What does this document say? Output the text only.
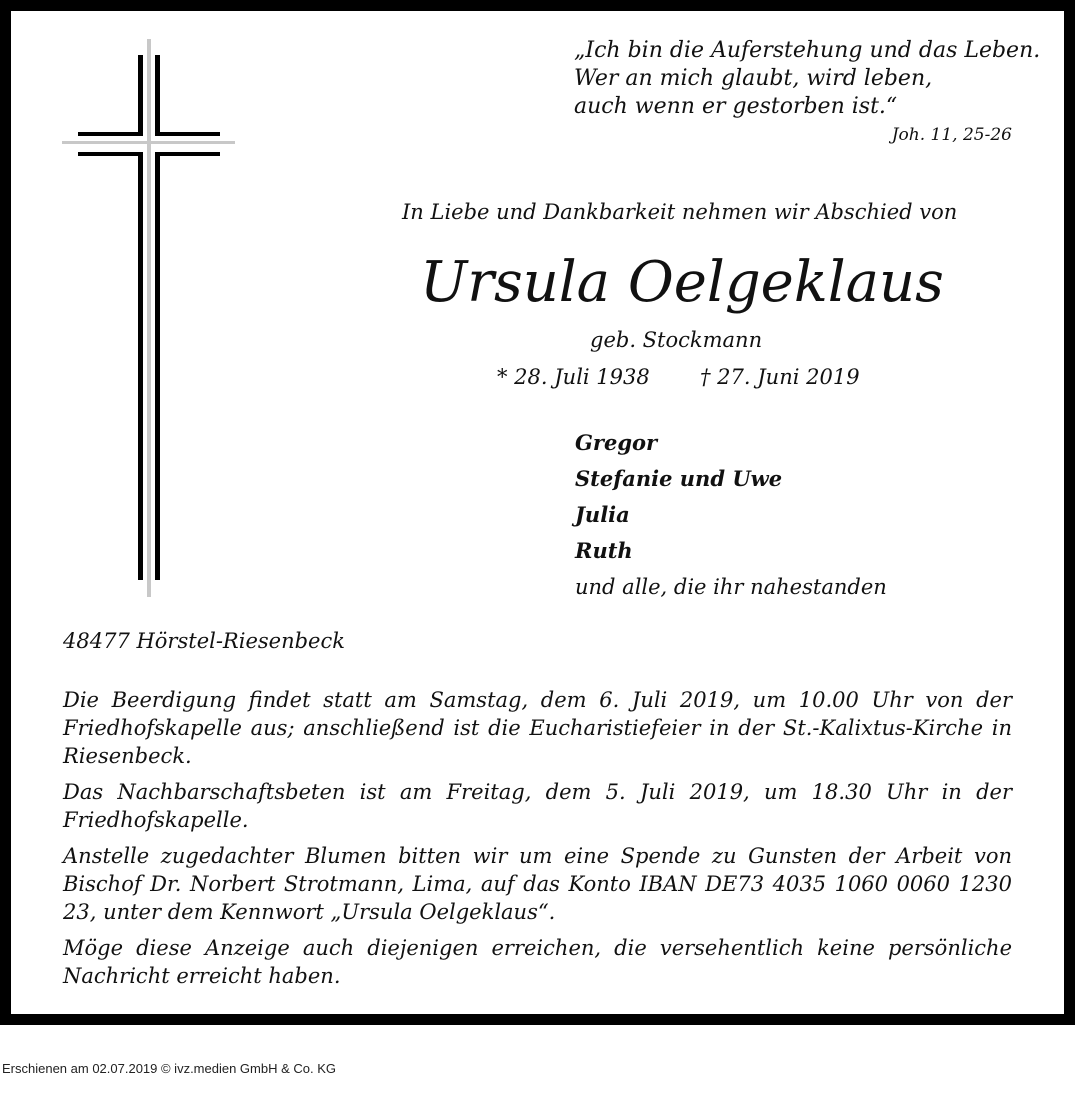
„Ich bin die Auferstehung und das Leben.
Wer an mich glaubt, wird leben,
auch wenn er gestorben ist.“
Joh. 11, 25-26
In Liebe und Dankbarkeit nehmen wir Abschied von
Ursula Oelgeklaus
geb. Stockmann
* 28. Juli 1938 † 27. Juni 2019
Gregor
Stefanie und Uwe
Julia
Ruth
und alle, die ihr nahestanden
48477 Hörstel-Riesenbeck

Die Beerdigung findet statt am Samstag, dem 6. Juli 2019, um 10.00 Uhr von der Friedhofskapelle aus; anschließend ist die Eucharistiefeier in der St.-Kalixtus-Kirche in Riesenbeck.

Das Nachbarschaftsbeten ist am Freitag, dem 5. Juli 2019, um 18.30 Uhr in der Friedhofskapelle.

Anstelle zugedachter Blumen bitten wir um eine Spende zu Gunsten der Arbeit von Bischof Dr. Norbert Strotmann, Lima, auf das Konto IBAN DE73 4035 1060 0060 1230 23, unter dem Kennwort „Ursula Oelgeklaus“.

Möge diese Anzeige auch diejenigen erreichen, die versehentlich keine persönliche Nachricht erreicht haben.

Erschienen am 02.07.2019 © ivz.medien GmbH & Co. KG
